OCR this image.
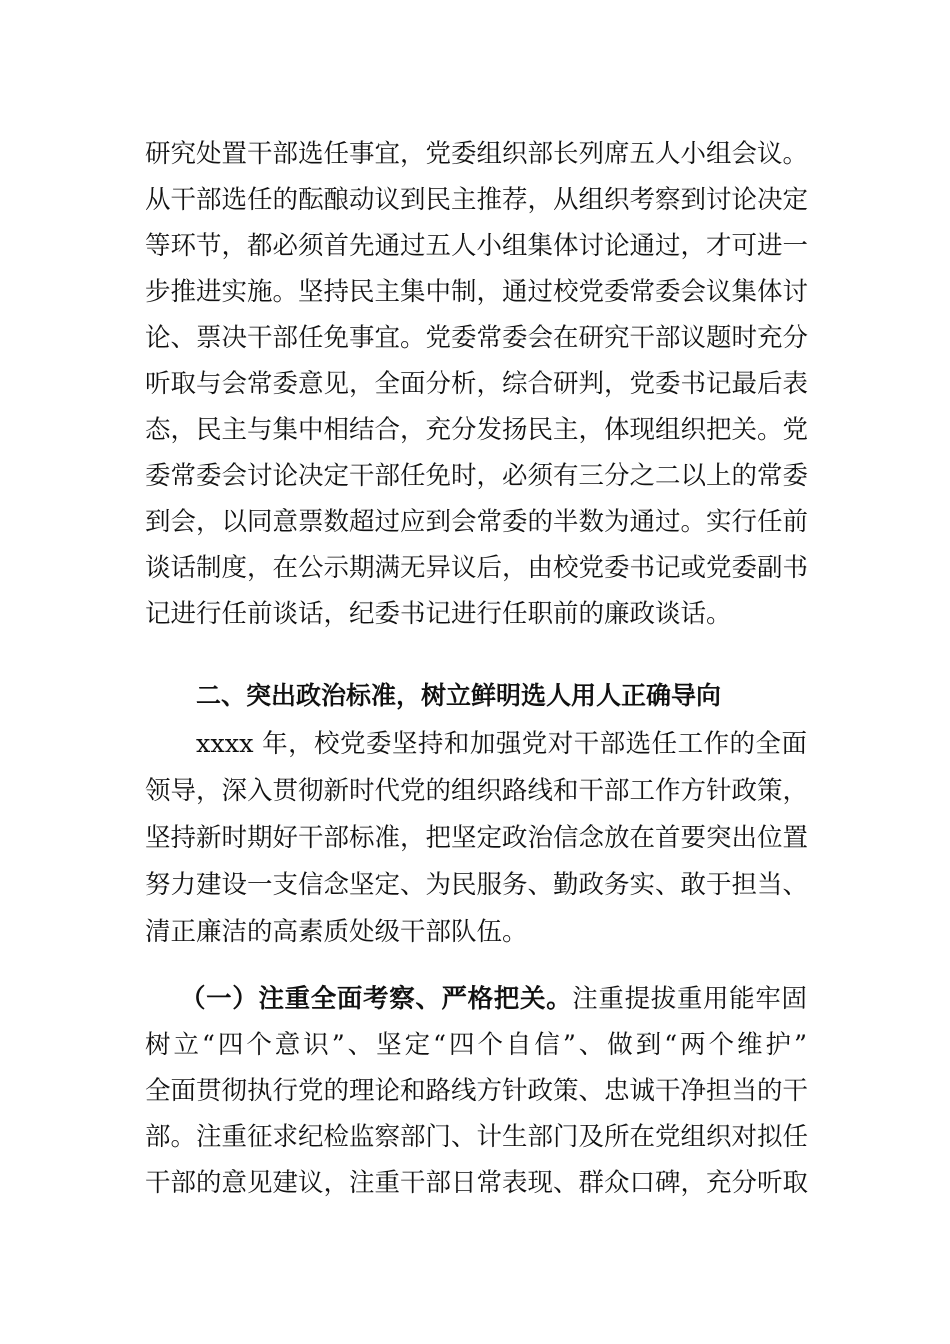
研究处置干部选任事宜，党委组织部长列席五人小组会议。
从干部选任的酝酿动议到民主推荐，从组织考察到讨论决定
等环节，都必须首先通过五人小组集体讨论通过，才可进一
步推进实施。坚持民主集中制，通过校党委常委会议集体讨
论、票决干部任免事宜。党委常委会在研究干部议题时充分
听取与会常委意见，全面分析，综合研判，党委书记最后表
态，民主与集中相结合，充分发扬民主，体现组织把关。党
委常委会讨论决定干部任免时，必须有三分之二以上的常委
到会，以同意票数超过应到会常委的半数为通过。实行任前
谈话制度，在公示期满无异议后，由校党委书记或党委副书
记进行任前谈话，纪委书记进行任职前的廉政谈话。
二、突出政治标准，树立鲜明选人用人正确导向
xxxx 年，校党委坚持和加强党对干部选任工作的全面
领导，深入贯彻新时代党的组织路线和干部工作方针政策，
坚持新时期好干部标准，把坚定政治信念放在首要突出位置
努力建设一支信念坚定、为民服务、勤政务实、敢于担当、
清正廉洁的高素质处级干部队伍。
（一）注重全面考察、严格把关。注重提拔重用能牢固
树立“四个意识”、坚定“四个自信”、做到“两个维护”
全面贯彻执行党的理论和路线方针政策、忠诚干净担当的干
部。注重征求纪检监察部门、计生部门及所在党组织对拟任
干部的意见建议，注重干部日常表现、群众口碑，充分听取
